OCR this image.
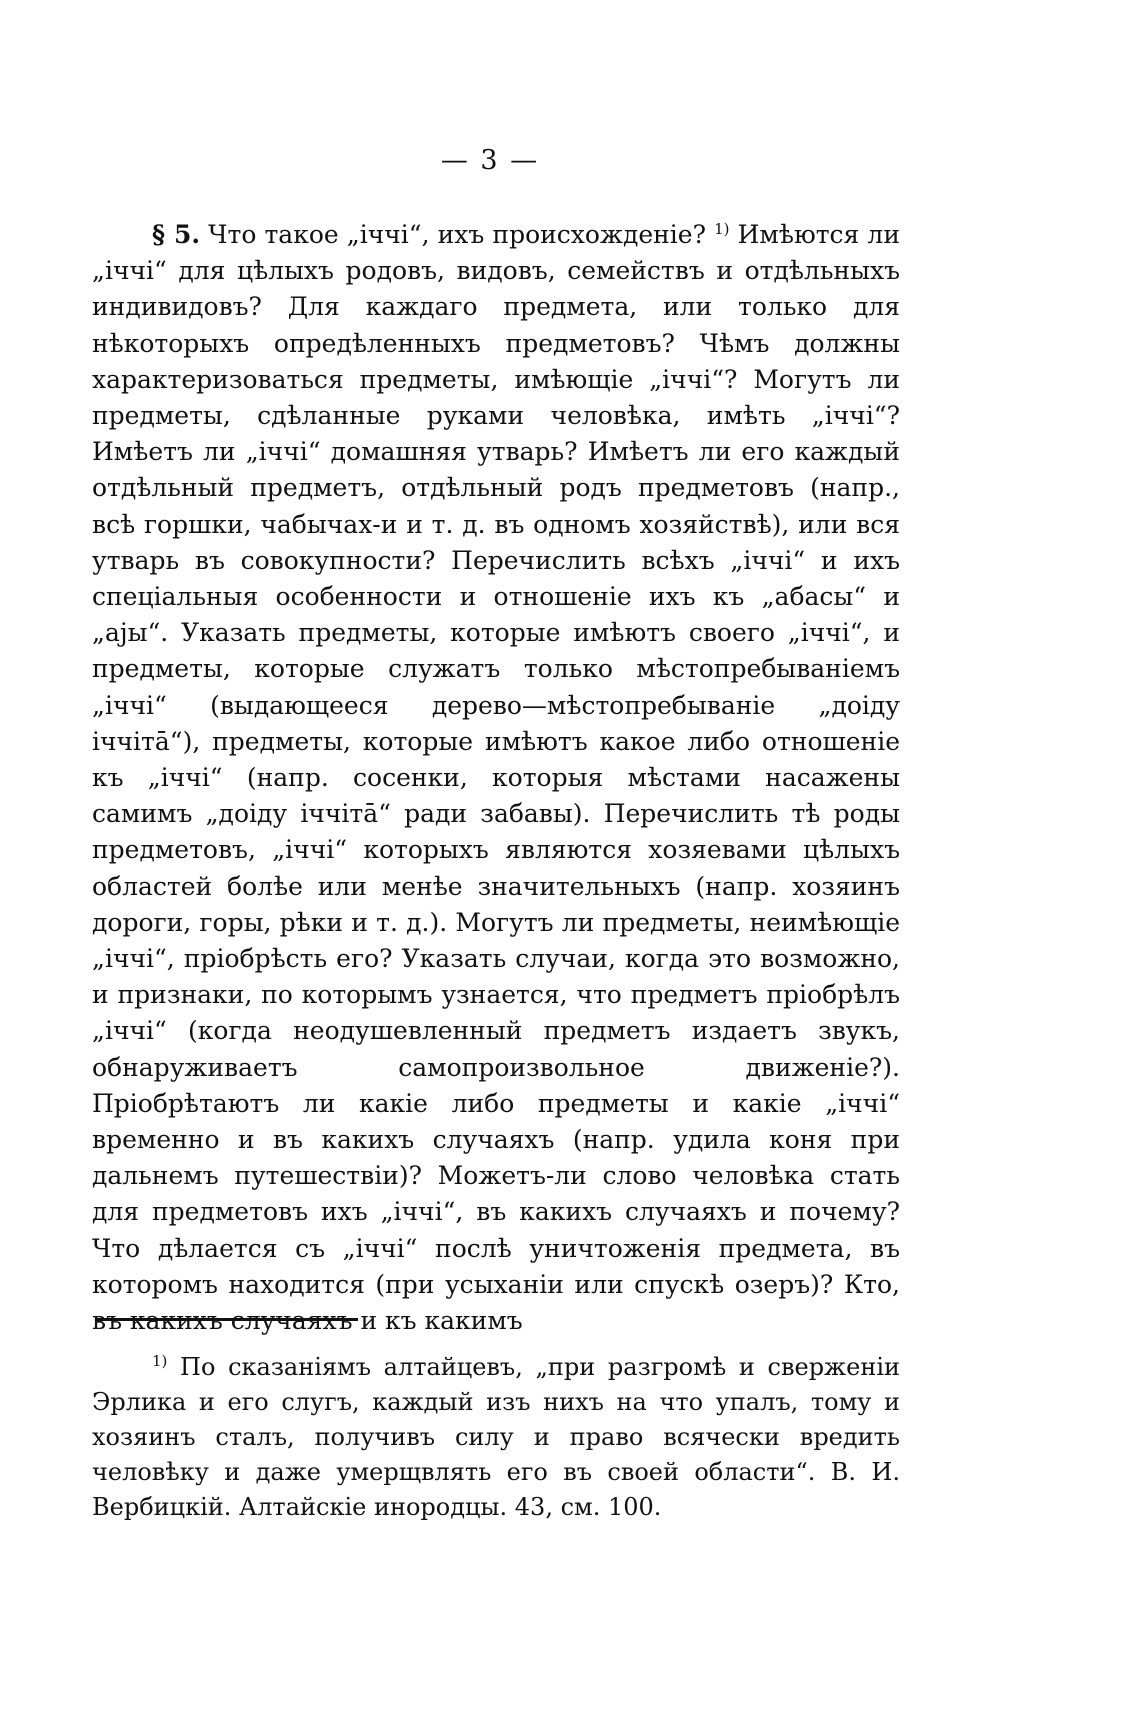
— 3 —

§ 5. Что такое „іччі“, ихъ происхожденіе? $^{1)}$ Имѣются ли „іччі“ для цѣлыхъ родовъ, видовъ, семействъ и отдѣльныхъ индивидовъ? Для каждаго предмета, или только для нѣкоторыхъ опредѣленныхъ предметовъ? Чѣмъ должны характеризоваться предметы, имѣющіе „іччі“? Могутъ ли предметы, сдѣланные руками человѣка, имѣть „іччі“? Имѣетъ ли „іччі“ домашняя утварь? Имѣетъ ли его каждый отдѣльный предметъ, отдѣльный родъ предметовъ (напр., всѣ горшки, чабычах-и и т. д. въ одномъ хозяйствѣ), или вся утварь въ совокупности? Перечислить всѣхъ „іччі“ и ихъ спеціальныя особенности и отношеніе ихъ къ „абасы“ и „ајы“. Указать предметы, которые имѣютъ своего „іччі“, и предметы, которые служатъ только мѣстопребываніемъ „іччі“ (выдающееся дерево—мѣстопребываніе „доіду іччітā“), предметы, которые имѣютъ какое либо отношеніе къ „іччі“ (напр. сосенки, которыя мѣстами насажены самимъ „доіду іччітā“ ради забавы). Перечислить тѣ роды предметовъ, „іччі“ которыхъ являются хозяевами цѣлыхъ областей болѣе или менѣе значительныхъ (напр. хозяинъ дороги, горы, рѣки и т. д.). Могутъ ли предметы, неимѣющіе „іччі“, пріобрѣсть его? Указать случаи, когда это возможно, и признаки, по которымъ узнается, что предметъ пріобрѣлъ „іччі“ (когда неодушевленный предметъ издаетъ звукъ, обнаруживаетъ самопроизвольное движеніе?). Пріобрѣтаютъ ли какіе либо предметы и какіе „іччі“ временно и въ какихъ случаяхъ (напр. удила коня при дальнемъ путешествіи)? Можетъ-ли слово человѣка стать для предметовъ ихъ „іччі“, въ какихъ случаяхъ и почему? Что дѣлается съ „іччі“ послѣ уничтоженія предмета, въ которомъ находится (при усыханіи или спускѣ озеръ)? Кто, въ какихъ случаяхъ и къ какимъ

$^{1)}$ По сказаніямъ алтайцевъ, „при разгромѣ и сверженіи Эрлика и его слугъ, каждый изъ нихъ на что упалъ, тому и хозяинъ сталъ, получивъ силу и право всячески вредить человѣку и даже умерщвлять его въ своей области“. В. И. Вербицкій. Алтайскіе инородцы. 43, см. 100.
